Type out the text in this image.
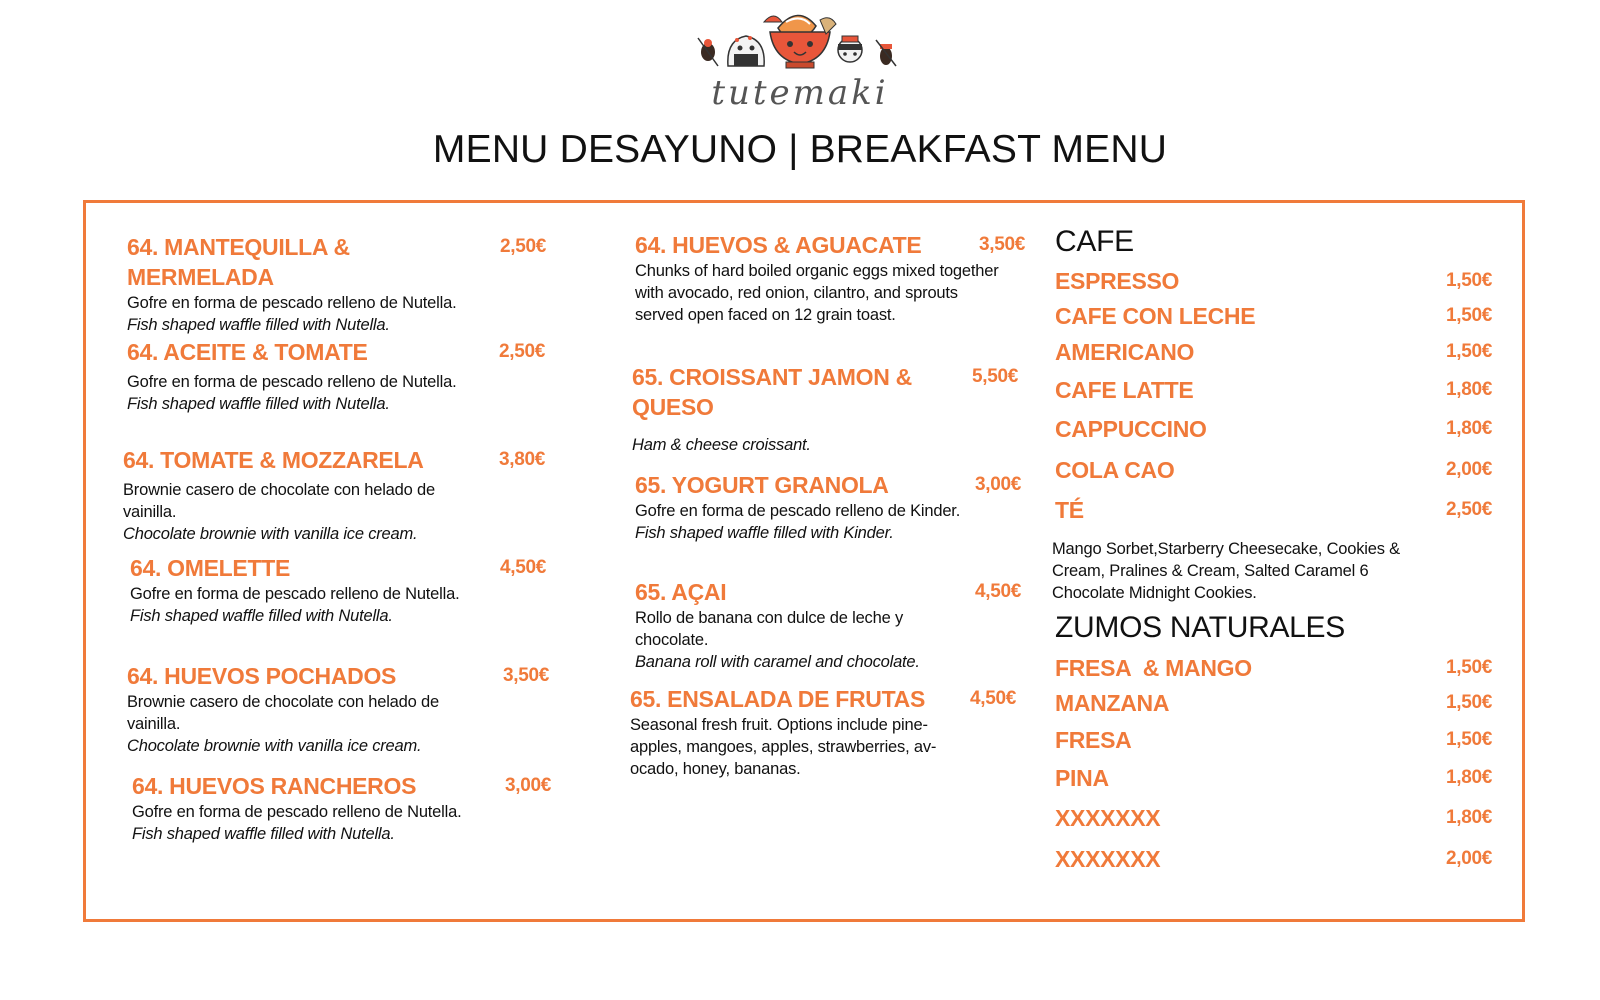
tutemaki
MENU DESAYUNO | BREAKFAST MENU
64. MANTEQUILLA & MERMELADA
2,50€
Gofre en forma de pescado relleno de Nutella.
Fish shaped waffle filled with Nutella.
64. ACEITE & TOMATE	2,50€
Gofre en forma de pescado relleno de Nutella.
Fish shaped waffle filled with Nutella.
64. TOMATE & MOZZARELA	3,80€
Brownie casero de chocolate con helado de vainilla.
Chocolate brownie with vanilla ice cream.
64. OMELETTE	4,50€
Gofre en forma de pescado relleno de Nutella.
Fish shaped waffle filled with Nutella.
64. HUEVOS POCHADOS	3,50€
Brownie casero de chocolate con helado de vainilla.
Chocolate brownie with vanilla ice cream.
64. HUEVOS RANCHEROS	3,00€
Gofre en forma de pescado relleno de Nutella.
Fish shaped waffle filled with Nutella.
64. HUEVOS & AGUACATE	3,50€
Chunks of hard boiled organic eggs mixed together with avocado, red onion, cilantro, and sprouts served open faced on 12 grain toast.
65. CROISSANT JAMON & QUESO
5,50€
Ham & cheese croissant.
65. YOGURT GRANOLA	3,00€
Gofre en forma de pescado relleno de Kinder.
Fish shaped waffle filled with Kinder.
65. AÇAI	4,50€
Rollo de banana con dulce de leche y chocolate.
Banana roll with caramel and chocolate.
65. ENSALADA DE FRUTAS	4,50€
Seasonal fresh fruit. Options include pine-apples, mangoes, apples, strawberries, av-ocado, honey, bananas.
CAFE
ESPRESSO	1,50€
CAFE CON LECHE	1,50€
AMERICANO	1,50€
CAFE LATTE	1,80€
CAPPUCCINO	1,80€
COLA CAO	2,00€
TÉ	2,50€
Mango Sorbet,Starberry Cheesecake, Cookies & Cream, Pralines & Cream, Salted Caramel 6 Chocolate Midnight Cookies.
ZUMOS NATURALES
FRESA  & MANGO	1,50€
MANZANA	1,50€
FRESA	1,50€
PINA	1,80€
XXXXXXX	1,80€
XXXXXXX	2,00€
